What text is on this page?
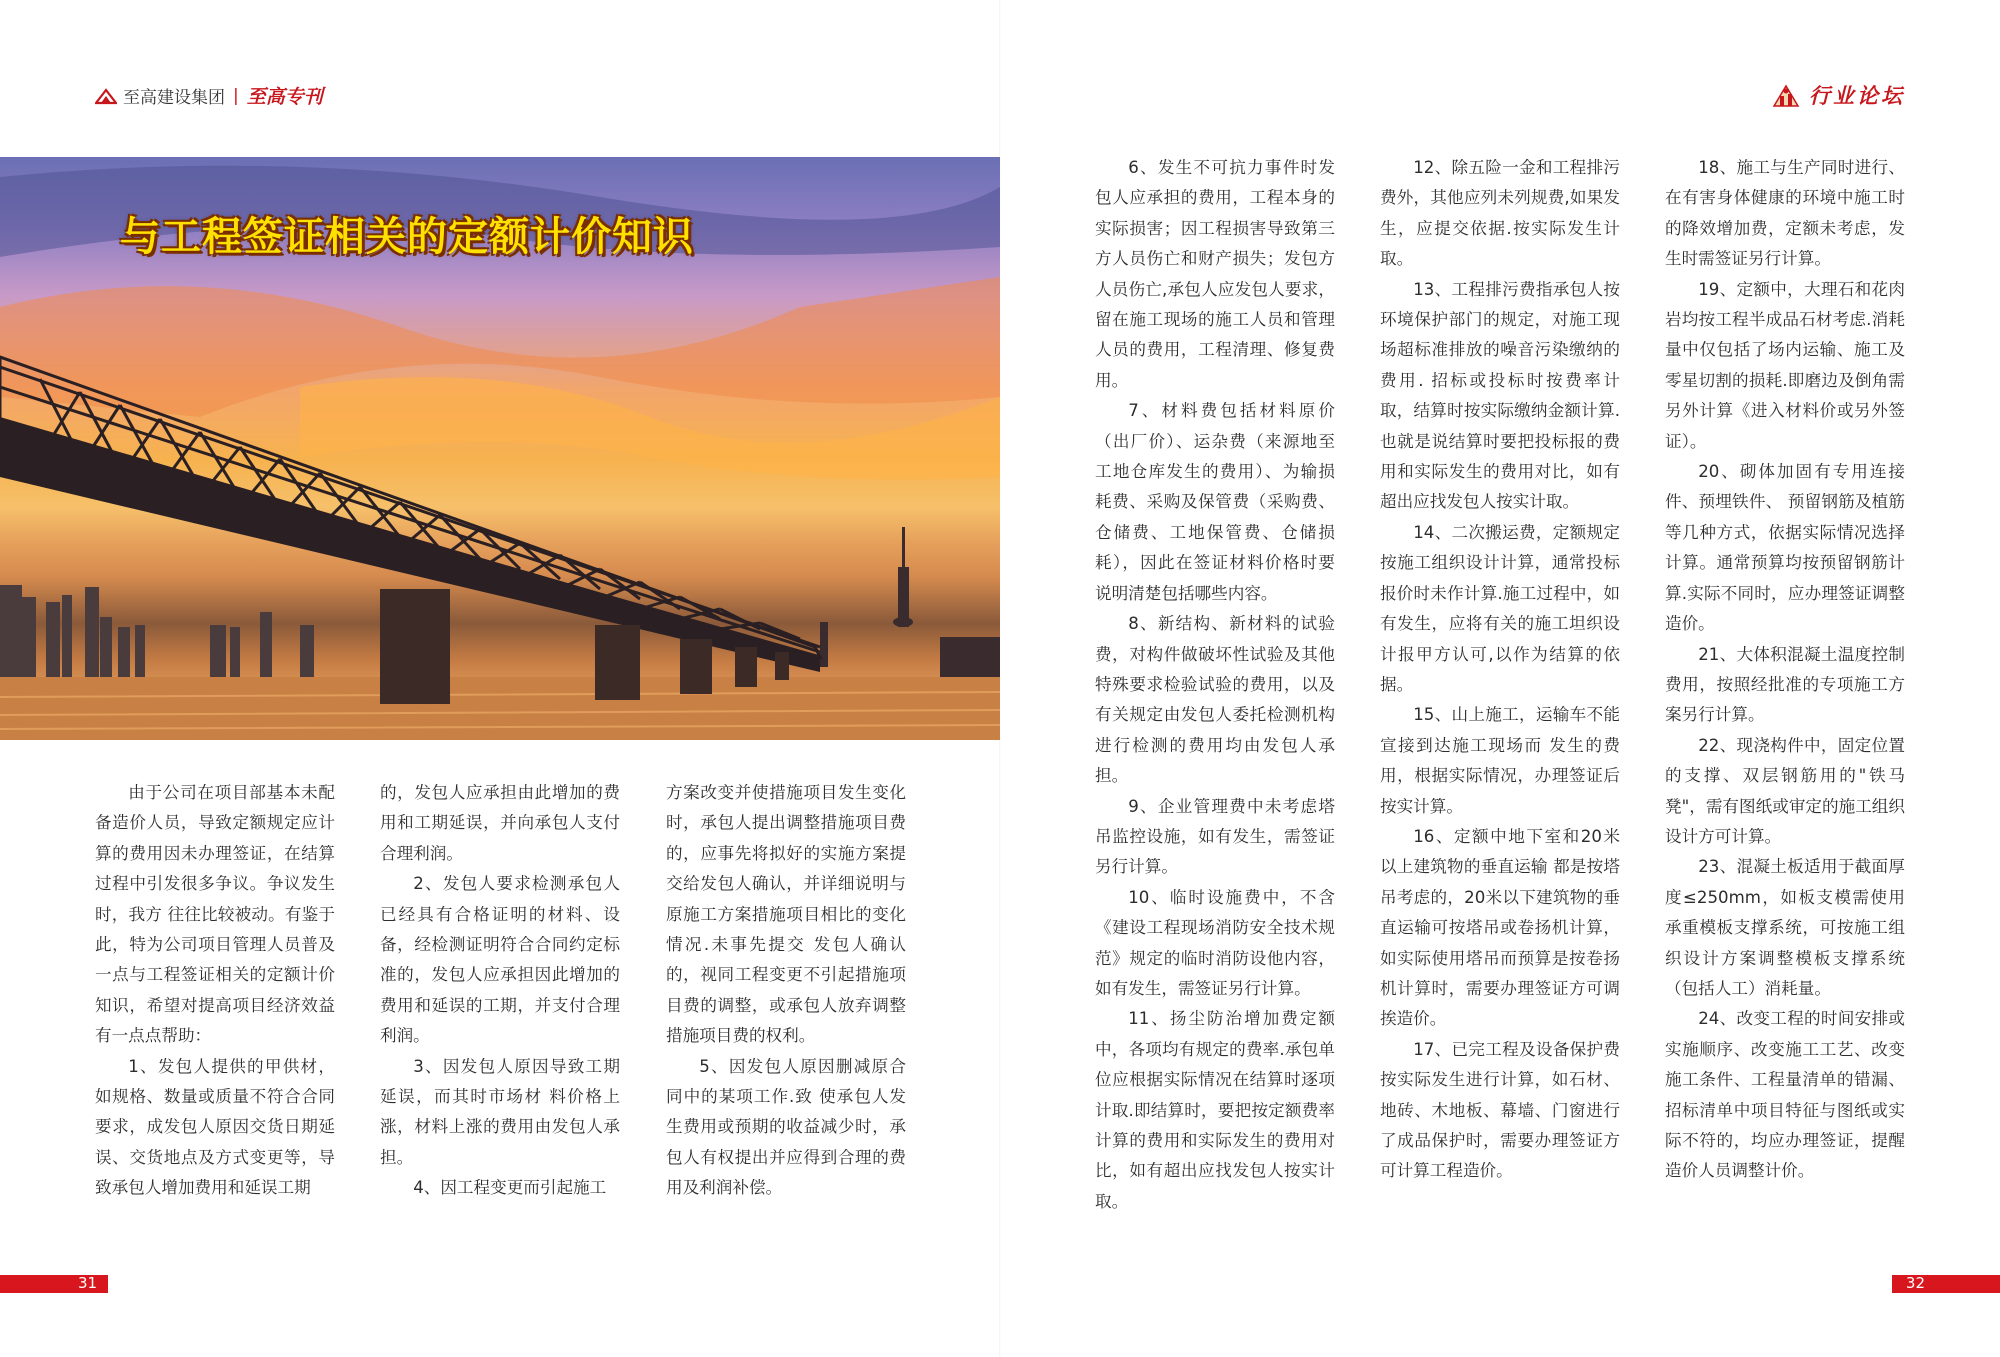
至高建设集团 | 至高专刊	行业论坛
与工程签证相关的定额计价知识

由于公司在项目部基本未配备造价人员，导致定额规定应计算的费用因未办理签证，在结算过程中引发很多争议。争议发生时，我方 往往比较被动。有鉴于此，特为公司项目管理人员普及一点与工程签证相关的定额计价知识，希望对提高项目经济效益有一点点帮助：

1、发包人提供的甲供材，如规格、数量或质量不符合合同要求，成发包人原因交货日期延误、交货地点及方式变更等，导致承包人增加费用和延误工期

的，发包人应承担由此增加的费用和工期延误，并向承包人支付合理利润。

2、发包人要求检测承包人已经具有合格证明的材料、设备，经检测证明符合合同约定标准的，发包人应承担因此增加的费用和延误的工期，并支付合理利润。

3、因发包人原因导致工期延误，而其时市场材 料价格上涨，材料上涨的费用由发包人承担。

4、因工程变更而引起施工

方案改变并使措施项目发生变化时，承包人提出调整措施项目费的，应事先将拟好的实施方案提交给发包人确认，并详细说明与原施工方案措施项目相比的变化情况.未事先提交 发包人确认的，视同工程变更不引起措施项目费的调整，或承包人放弃调整措施项目费的权利。

5、因发包人原因删减原合同中的某项工作.致 使承包人发生费用或预期的收益减少时，承包人有权提出并应得到合理的费用及利润补偿。

6、发生不可抗力事件时发包人应承担的费用，工程本身的实际损害；因工程损害导致第三方人员伤亡和财产损失；发包方人员伤亡,承包人应发包人要求，留在施工现场的施工人员和管理人员的费用，工程清理、修复费用。

7、材料费包括材料原价（出厂价）、运杂费（来源地至工地仓库发生的费用）、为输损耗费、采购及保管费（采购费、仓储费、工地保管费、仓储损耗），因此在签证材料价格时要说明清楚包括哪些内容。

8、新结构、新材料的试验费，对构件做破坏性试验及其他特殊要求检验试验的费用，以及有关规定由发包人委托检测机构进行检测的费用均由发包人承担。

9、企业管理费中未考虑塔吊监控设施，如有发生，需签证另行计算。

10、临时设施费中，不含《建设工程现场消防安全技术规范》规定的临时消防设他内容，如有发生，需签证另行计算。

11、扬尘防治增加费定额中，各项均有规定的费率.承包单位应根据实际情况在结算时逐项计取.即结算时，要把按定额费率计算的费用和实际发生的费用对比，如有超出应找发包人按实计取。

12、除五险一金和工程排污费外，其他应列未列规费,如果发生，应提交依据.按实际发生计取。

13、工程排污费指承包人按环境保护部门的规定，对施工现场超标准排放的噪音污染缴纳的费用. 招标或投标时按费率计取，结算时按实际缴纳金额计算.也就是说结算时要把投标报的费用和实际发生的费用对比，如有超出应找发包人按实计取。

14、二次搬运费，定额规定按施工组织设计计算，通常投标报价时未作计算.施工过程中，如有发生，应将有关的施工坦织设计报甲方认可,以作为结算的依据。

15、山上施工，运输车不能宣接到达施工现场而 发生的费用，根据实际情况，办理签证后按实计算。

16、定额中地下室和20米以上建筑物的垂直运输 都是按塔吊考虑的，20米以下建筑物的垂直运输可按塔吊或卷扬机计算，如实际使用塔吊而预算是按卷扬机计算时，需要办理签证方可调挨造价。

17、已完工程及设备保护费按实际发生进行计算，如石材、地砖、木地板、幕墙、门窗进行了成品保护时，需要办理签证方可计算工程造价。

18、施工与生产同时进行、在有害身体健康的环境中施工时的降效增加费，定额未考虑，发生时需签证另行计算。

19、定额中，大理石和花肉岩均按工程半成品石材考虑.消耗量中仅包括了场内运输、施工及零星切割的损耗.即磨边及倒角需另外计算《进入材料价或另外签证）。

20、砌体加固有专用连接件、预埋铁件、 预留钢筋及植筋等几种方式，依据实际情况选择计算。通常预算均按预留钢筋计算.实际不同时，应办理签证调整造价。

21、大体积混凝土温度控制费用，按照经批准的专项施工方案另行计算。

22、现浇构件中，固定位置的支撑、双层钢筋用的"铁马凳"，需有图纸或审定的施工组织设计方可计算。

23、混凝土板适用于截面厚度≤250mm，如板支模需使用承重模板支撑系统，可按施工组织设计方案调整模板支撑系统（包括人工）消耗量。

24、改变工程的时间安排或实施顺序、改变施工工艺、改变施工条件、工程量清单的错漏、招标清单中项目特征与图纸或实际不符的，均应办理签证，提醒造价人员调整计价。

31	32
